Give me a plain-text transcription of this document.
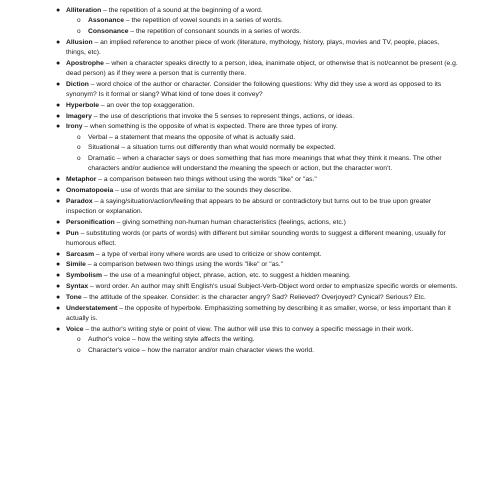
● Alliteration – the repetition of a sound at the beginning of a word.
o Assonance – the repetition of vowel sounds in a series of words.
o Consonance – the repetition of consonant sounds in a series of words.
● Allusion – an implied reference to another piece of work (literature, mythology, history, plays, movies and TV, people, places, things, etc).
● Apostrophe – when a character speaks directly to a person, idea, inanimate object, or otherwise that is not/cannot be present (e.g. dead person) as if they were a person that is currently there.
● Diction – word choice of the author or character. Consider the following questions: Why did they use a word as opposed to its synonym? Is it formal or slang? What kind of tone does it convey?
● Hyperbole – an over the top exaggeration.
● Imagery – the use of descriptions that invoke the 5 senses to represent things, actions, or ideas.
● Irony – when something is the opposite of what is expected. There are three types of irony.
o Verbal – a statement that means the opposite of what is actually said.
o Situational – a situation turns out differently than what would normally be expected.
o Dramatic – when a character says or does something that has more meanings that what they think it means. The other characters and/or audience will understand the meaning the speech or action, but the character won't.
● Metaphor – a comparison between two things without using the words "like" or "as."
● Onomatopoeia – use of words that are similar to the sounds they describe.
● Paradox – a saying/situation/action/feeling that appears to be absurd or contradictory but turns out to be true upon greater inspection or explanation.
● Personification – giving something non-human human characteristics (feelings, actions, etc.)
● Pun – substituting words (or parts of words) with different but similar sounding words to suggest a different meaning, usually for humorous effect.
● Sarcasm – a type of verbal irony where words are used to criticize or show contempt.
● Simile – a comparison between two things using the words "like" or "as."
● Symbolism – the use of a meaningful object, phrase, action, etc. to suggest a hidden meaning.
● Syntax – word order. An author may shift English's usual Subject-Verb-Object word order to emphasize specific words or elements.
● Tone – the attitude of the speaker. Consider: is the character angry? Sad? Relieved? Overjoyed? Cynical? Serious? Etc.
● Understatement – the opposite of hyperbole. Emphasizing something by describing it as smaller, worse, or less important than it actually is.
● Voice – the author's writing style or point of view. The author will use this to convey a specific message in their work.
o Author's voice – how the writing style affects the writing.
o Character's voice – how the narrator and/or main character views the world.
